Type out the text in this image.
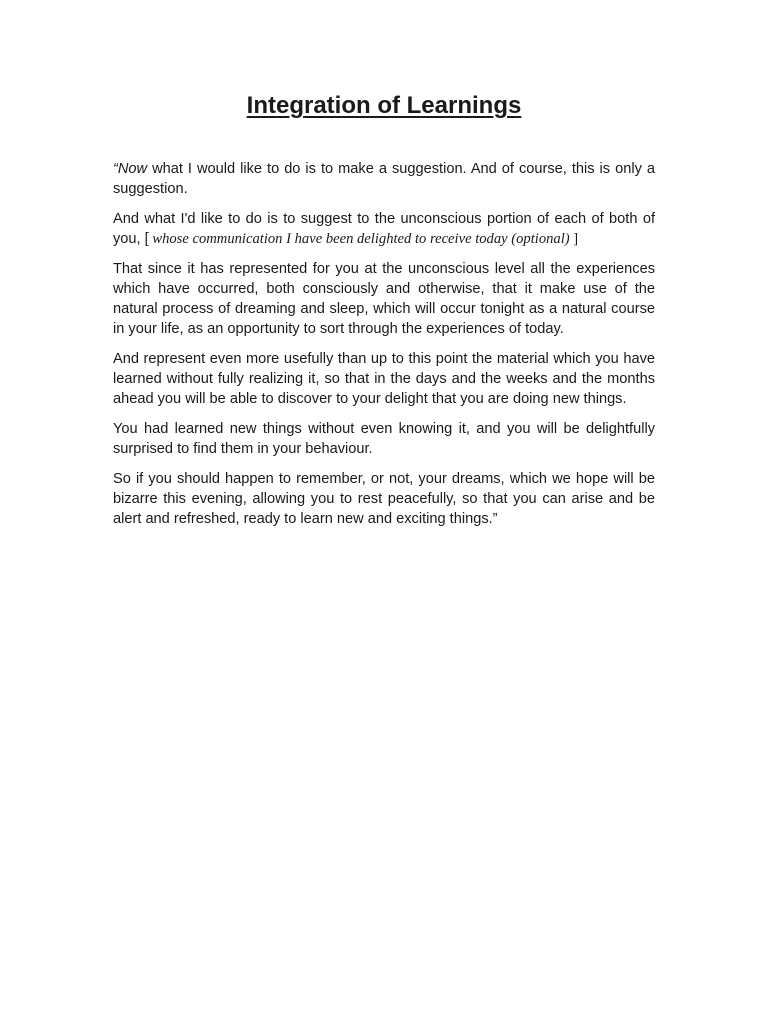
Integration of Learnings

“Now what I would like to do is to make a suggestion. And of course, this is only a suggestion.

And what I'd like to do is to suggest to the unconscious portion of each of both of you, [ whose communication I have been delighted to receive today (optional) ]

That since it has represented for you at the unconscious level all the experiences which have occurred, both consciously and otherwise, that it make use of the natural process of dreaming and sleep, which will occur tonight as a natural course in your life, as an opportunity to sort through the experiences of today.

And represent even more usefully than up to this point the material which you have learned without fully realizing it, so that in the days and the weeks and the months ahead you will be able to discover to your delight that you are doing new things.

You had learned new things without even knowing it, and you will be delightfully surprised to find them in your behaviour.

So if you should happen to remember, or not, your dreams, which we hope will be bizarre this evening, allowing you to rest peacefully, so that you can arise and be alert and refreshed, ready to learn new and exciting things.”
